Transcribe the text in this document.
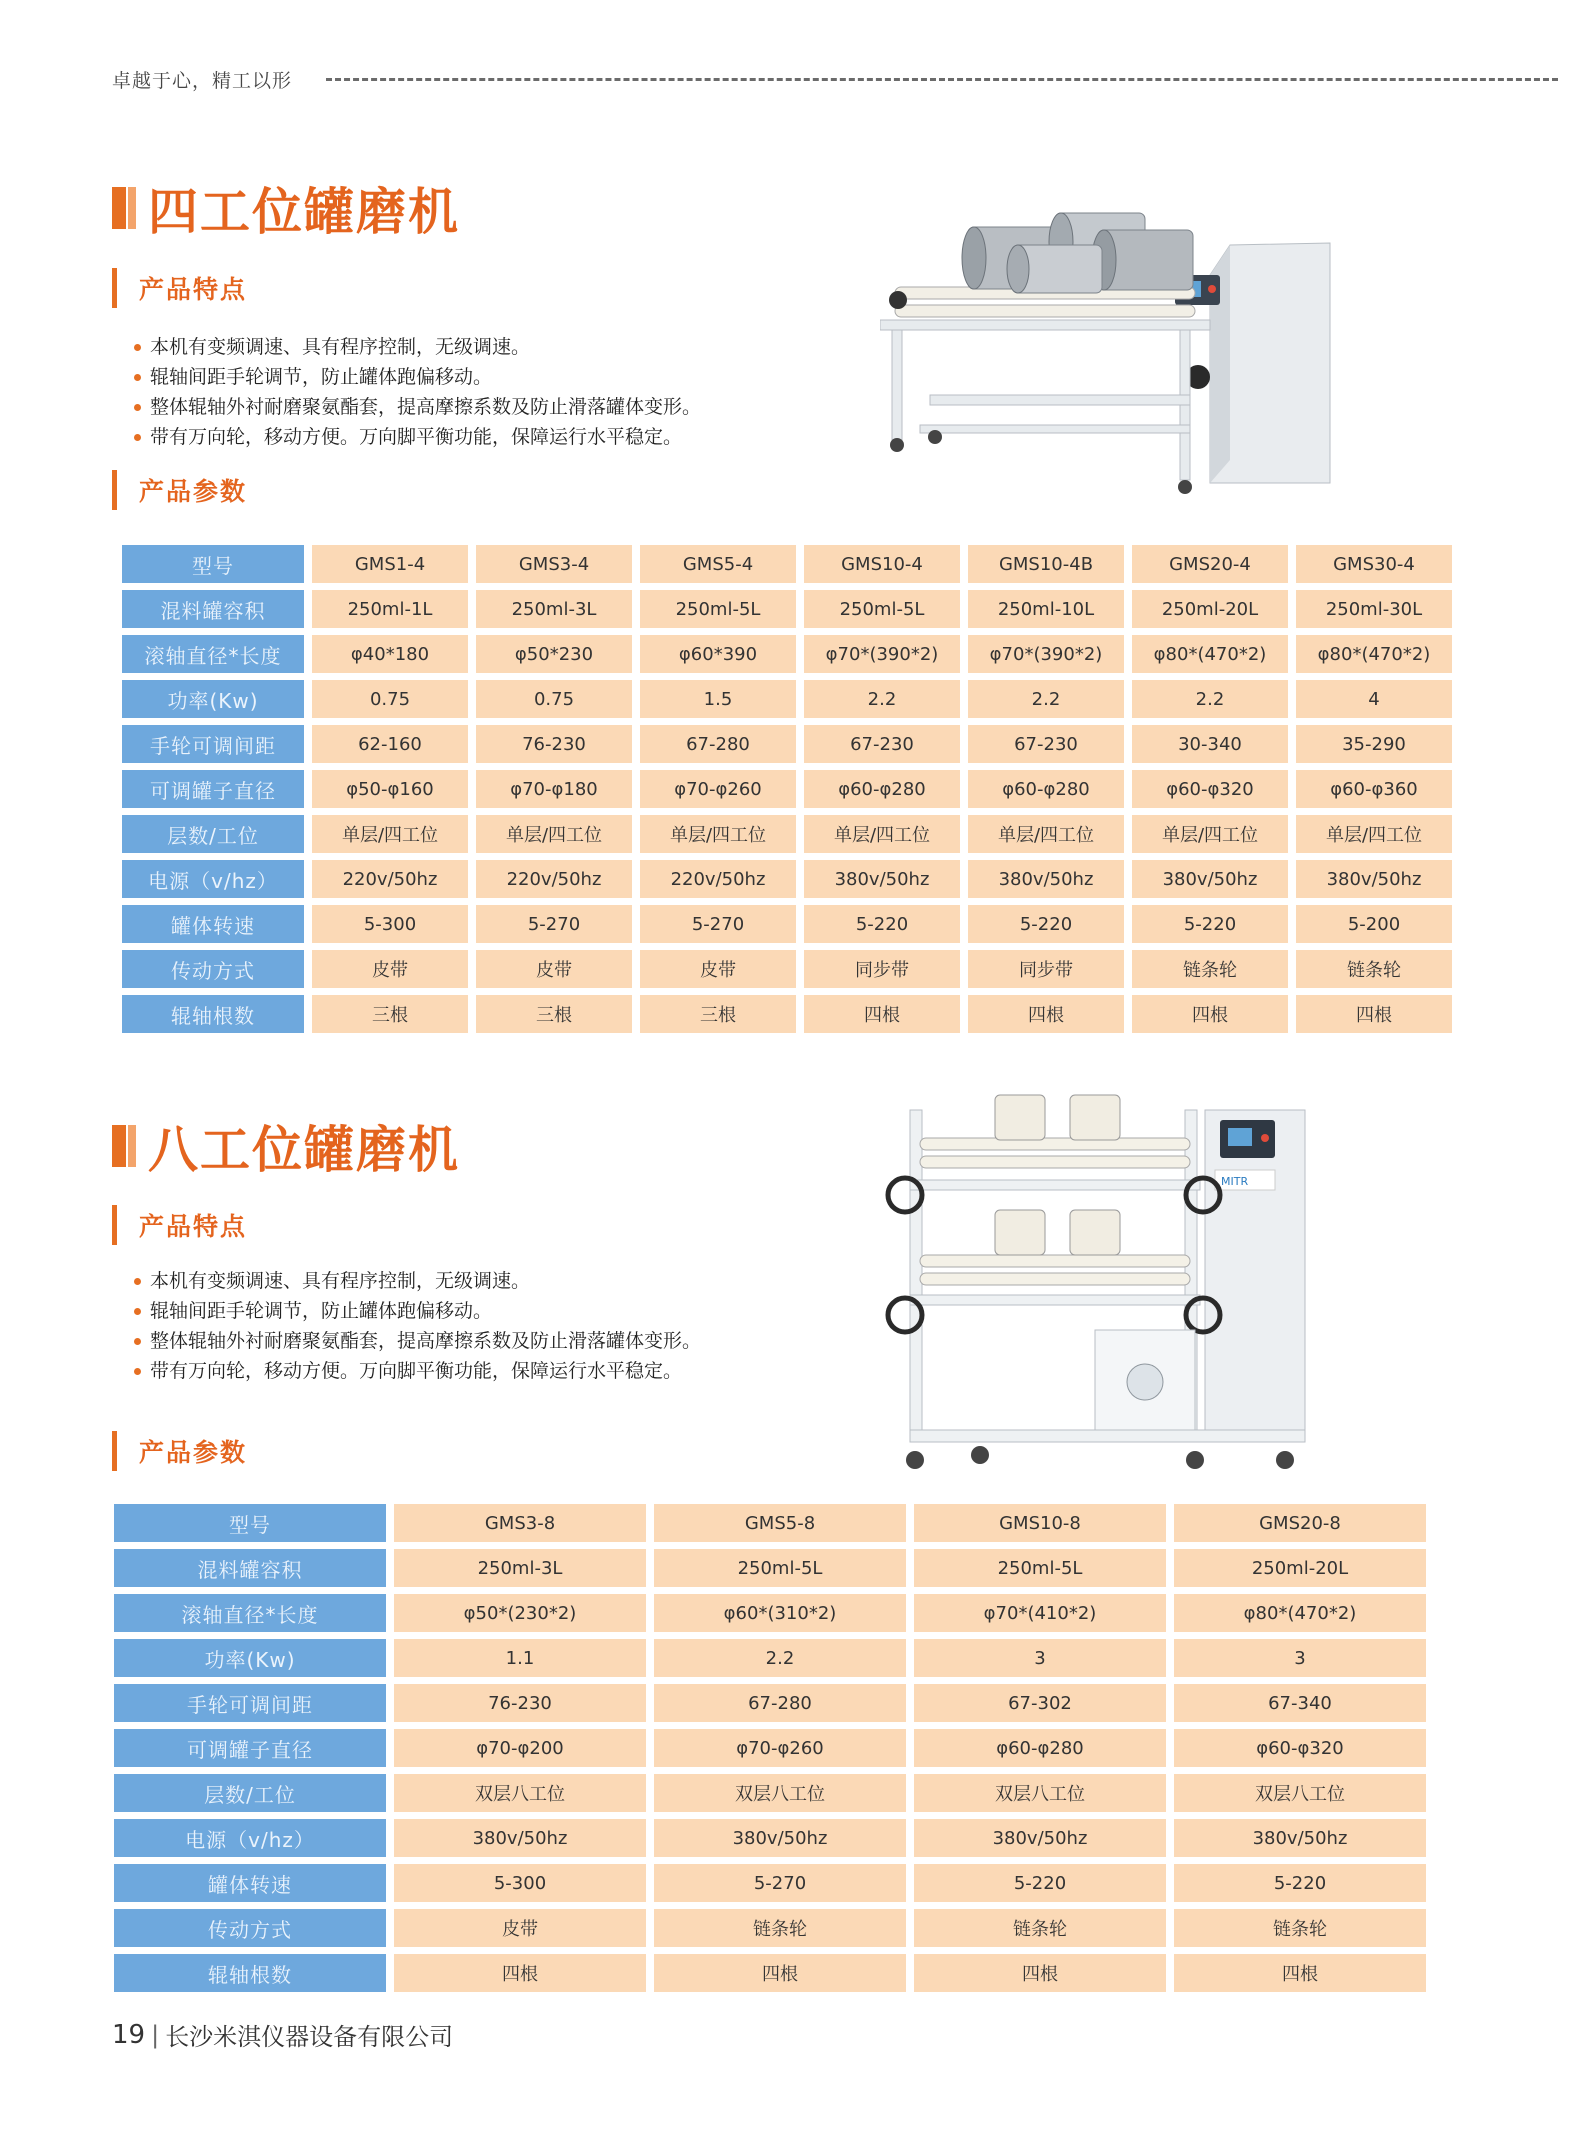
卓越于心，精工以形
四工位罐磨机
产品特点
本机有变频调速、具有程序控制，无级调速。
辊轴间距手轮调节，防止罐体跑偏移动。
整体辊轴外衬耐磨聚氨酯套，提高摩擦系数及防止滑落罐体变形。
带有万向轮，移动方便。万向脚平衡功能，保障运行水平稳定。
产品参数
型号	GMS1-4	GMS3-4	GMS5-4	GMS10-4	GMS10-4B	GMS20-4	GMS30-4
混料罐容积	250ml-1L	250ml-3L	250ml-5L	250ml-5L	250ml-10L	250ml-20L	250ml-30L
滚轴直径*长度	φ40*180	φ50*230	φ60*390	φ70*(390*2)	φ70*(390*2)	φ80*(470*2)	φ80*(470*2)
功率(Kw)	0.75	0.75	1.5	2.2	2.2	2.2	4
手轮可调间距	62-160	76-230	67-280	67-230	67-230	30-340	35-290
可调罐子直径	φ50-φ160	φ70-φ180	φ70-φ260	φ60-φ280	φ60-φ280	φ60-φ320	φ60-φ360
层数/工位	单层/四工位	单层/四工位	单层/四工位	单层/四工位	单层/四工位	单层/四工位	单层/四工位
电源（v/hz）	220v/50hz	220v/50hz	220v/50hz	380v/50hz	380v/50hz	380v/50hz	380v/50hz
罐体转速	5-300	5-270	5-270	5-220	5-220	5-220	5-200
传动方式	皮带	皮带	皮带	同步带	同步带	链条轮	链条轮
辊轴根数	三根	三根	三根	四根	四根	四根	四根
八工位罐磨机
产品特点
本机有变频调速、具有程序控制，无级调速。
辊轴间距手轮调节，防止罐体跑偏移动。
整体辊轴外衬耐磨聚氨酯套，提高摩擦系数及防止滑落罐体变形。
带有万向轮，移动方便。万向脚平衡功能，保障运行水平稳定。
产品参数
MITR
型号	GMS3-8	GMS5-8	GMS10-8	GMS20-8
混料罐容积	250ml-3L	250ml-5L	250ml-5L	250ml-20L
滚轴直径*长度	φ50*(230*2)	φ60*(310*2)	φ70*(410*2)	φ80*(470*2)
功率(Kw)	1.1	2.2	3	3
手轮可调间距	76-230	67-280	67-302	67-340
可调罐子直径	φ70-φ200	φ70-φ260	φ60-φ280	φ60-φ320
层数/工位	双层八工位	双层八工位	双层八工位	双层八工位
电源（v/hz）	380v/50hz	380v/50hz	380v/50hz	380v/50hz
罐体转速	5-300	5-270	5-220	5-220
传动方式	皮带	链条轮	链条轮	链条轮
辊轴根数	四根	四根	四根	四根
19 | 长沙米淇仪器设备有限公司
